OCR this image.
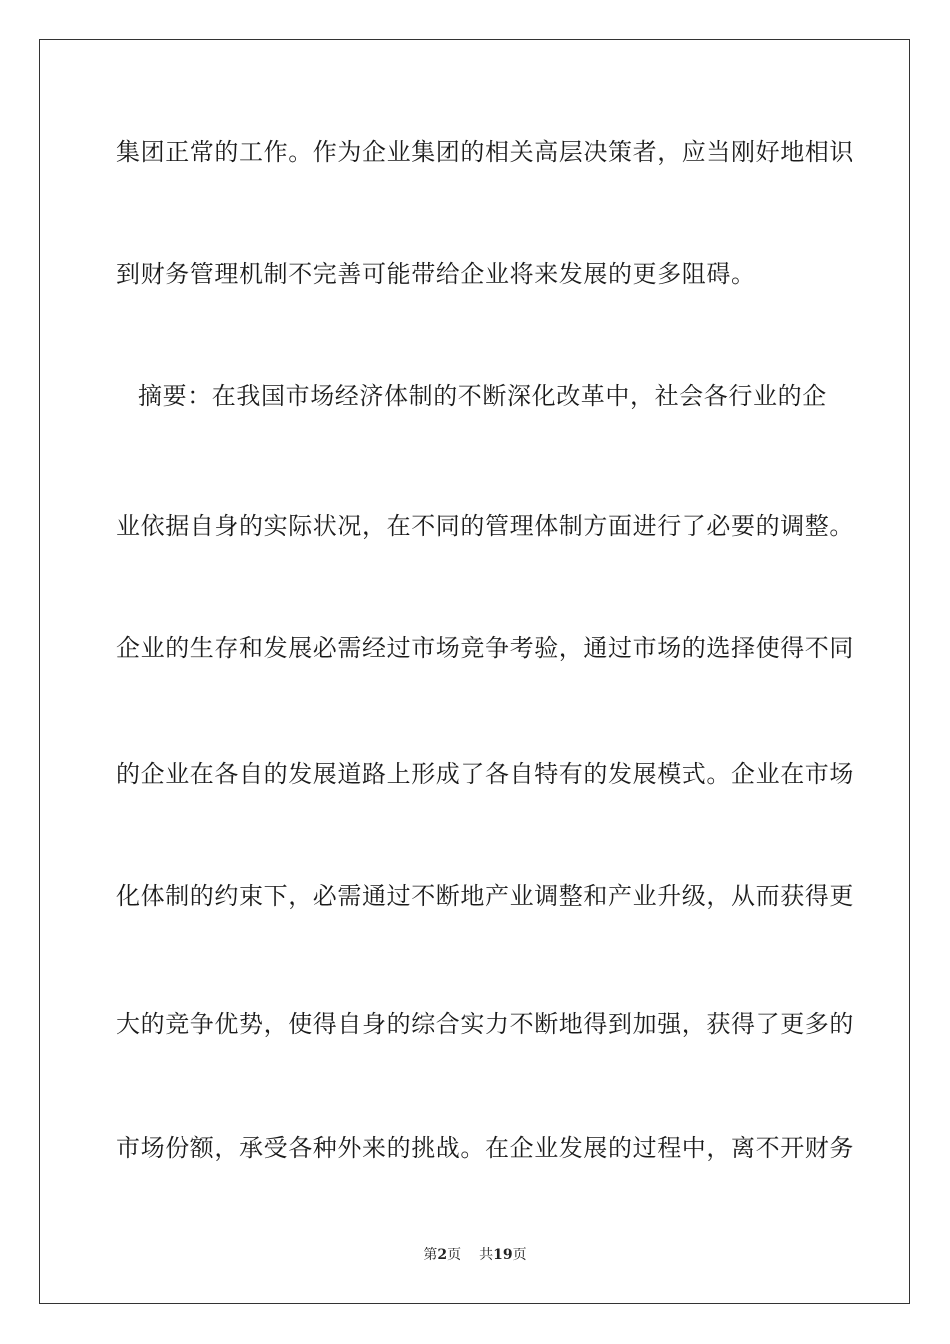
集团正常的工作。作为企业集团的相关高层决策者，应当刚好地相识
到财务管理机制不完善可能带给企业将来发展的更多阻碍。
摘要：在我国市场经济体制的不断深化改革中，社会各行业的企
业依据自身的实际状况，在不同的管理体制方面进行了必要的调整。
企业的生存和发展必需经过市场竞争考验，通过市场的选择使得不同
的企业在各自的发展道路上形成了各自特有的发展模式。企业在市场
化体制的约束下，必需通过不断地产业调整和产业升级，从而获得更
大的竞争优势，使得自身的综合实力不断地得到加强，获得了更多的
市场份额，承受各种外来的挑战。在企业发展的过程中，离不开财务
第2页 共19页
